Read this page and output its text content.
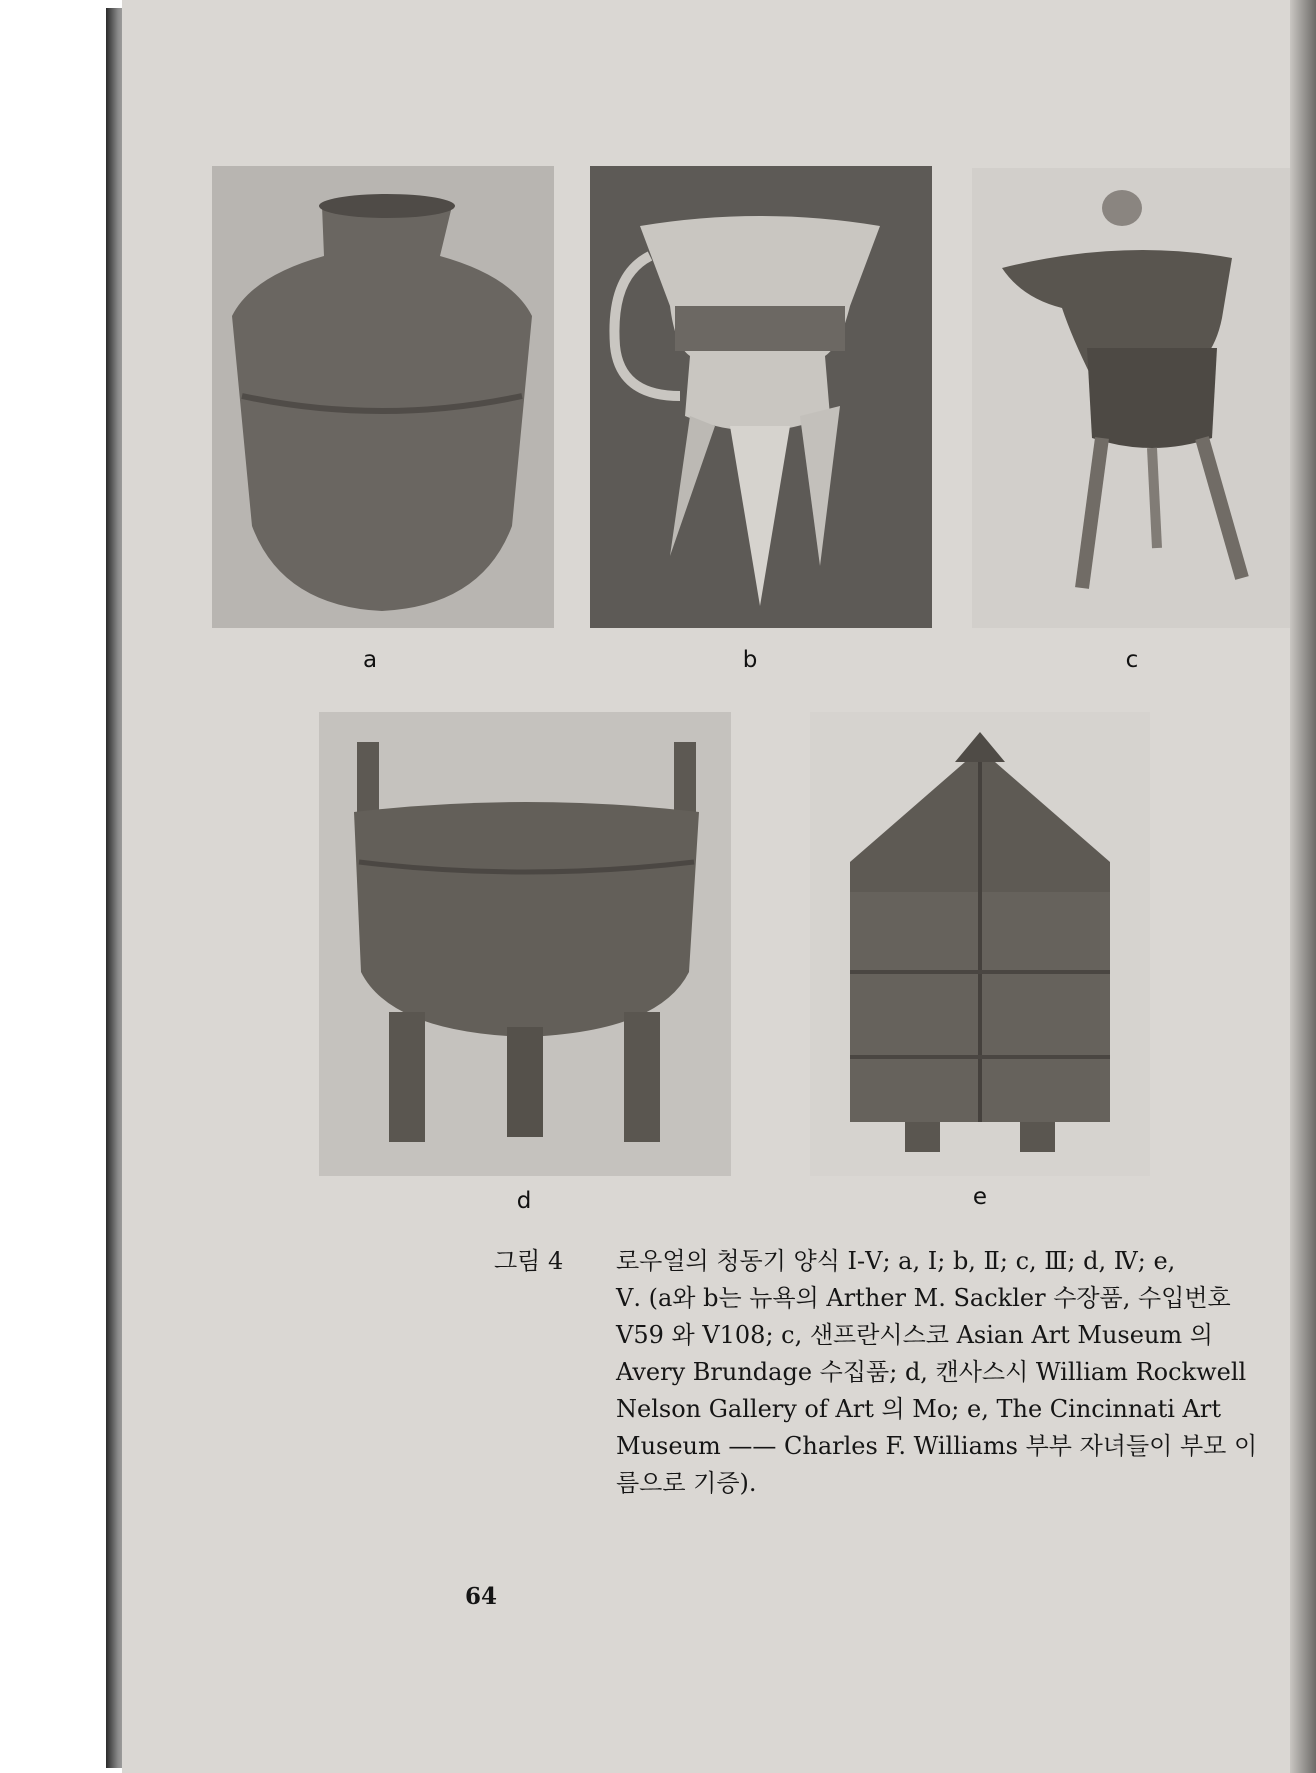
a	b	c
d	e
그림 4 로우얼의 청동기 양식 Ⅰ-Ⅴ; a, Ⅰ; b, Ⅱ; c, Ⅲ; d, Ⅳ; e,
Ⅴ. (a와 b는 뉴욕의 Arther M. Sackler 수장품, 수입번호
V59 와 V108; c, 샌프란시스코 Asian Art Museum 의
Avery Brundage 수집품; d, 캔사스시 William Rockwell
Nelson Gallery of Art 의 Mo; e, The Cincinnati Art
Museum —— Charles F. Williams 부부 자녀들이 부모 이
름으로 기증).
64
